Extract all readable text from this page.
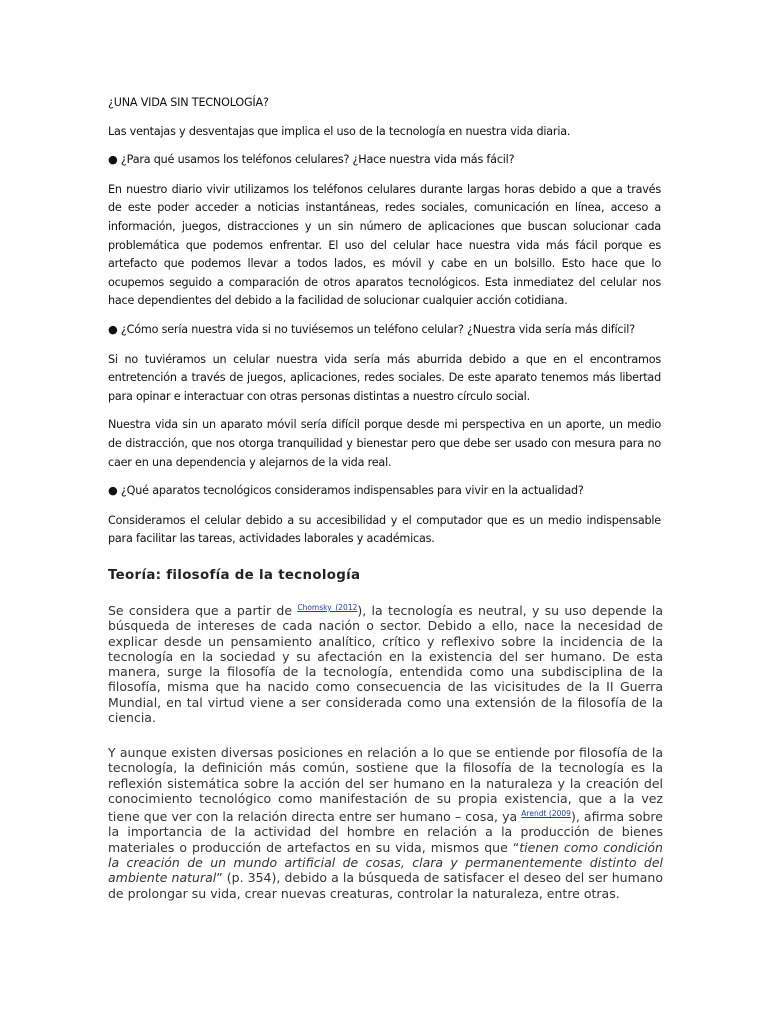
¿UNA VIDA SIN TECNOLOGÍA?

Las ventajas y desventajas que implica el uso de la tecnología en nuestra vida diaria.

● ¿Para qué usamos los teléfonos celulares? ¿Hace nuestra vida más fácil?

En nuestro diario vivir utilizamos los teléfonos celulares durante largas horas debido a que a través de este poder acceder a noticias instantáneas, redes sociales, comunicación en línea, acceso a información, juegos, distracciones y un sin número de aplicaciones que buscan solucionar cada problemática que podemos enfrentar. El uso del celular hace nuestra vida más fácil porque es artefacto que podemos llevar a todos lados, es móvil y cabe en un bolsillo. Esto hace que lo ocupemos seguido a comparación de otros aparatos tecnológicos. Esta inmediatez del celular nos hace dependientes del debido a la facilidad de solucionar cualquier acción cotidiana.

● ¿Cómo sería nuestra vida si no tuviésemos un teléfono celular? ¿Nuestra vida sería más difícil?

Si no tuviéramos un celular nuestra vida sería más aburrida debido a que en el encontramos entretención a través de juegos, aplicaciones, redes sociales. De este aparato tenemos más libertad para opinar e interactuar con otras personas distintas a nuestro círculo social.

Nuestra vida sin un aparato móvil sería difícil porque desde mi perspectiva en un aporte, un medio de distracción, que nos otorga tranquilidad y bienestar pero que debe ser usado con mesura para no caer en una dependencia y alejarnos de la vida real.

● ¿Qué aparatos tecnológicos consideramos indispensables para vivir en la actualidad?

Consideramos el celular debido a su accesibilidad y el computador que es un medio indispensable para facilitar las tareas, actividades laborales y académicas.

Teoría: filosofía de la tecnología

Se considera que a partir de $^{Chomsky (2012}$), la tecnología es neutral, y su uso depende la búsqueda de intereses de cada nación o sector. Debido a ello, nace la necesidad de explicar desde un pensamiento analítico, crítico y reflexivo sobre la incidencia de la tecnología en la sociedad y su afectación en la existencia del ser humano. De esta manera, surge la filosofía de la tecnología, entendida como una subdisciplina de la filosofía, misma que ha nacido como consecuencia de las vicisitudes de la II Guerra Mundial, en tal virtud viene a ser considerada como una extensión de la filosofía de la ciencia.

Y aunque existen diversas posiciones en relación a lo que se entiende por filosofía de la tecnología, la definición más común, sostiene que la filosofía de la tecnología es la reflexión sistemática sobre la acción del ser humano en la naturaleza y la creación del conocimiento tecnológico como manifestación de su propia existencia, que a la vez tiene que ver con la relación directa entre ser humano – cosa, ya $^{Arendt (2009}$), afirma sobre la importancia de la actividad del hombre en relación a la producción de bienes materiales o producción de artefactos en su vida, mismos que “tienen como condición la creación de un mundo artificial de cosas, clara y permanentemente distinto del ambiente natural” (p. 354), debido a la búsqueda de satisfacer el deseo del ser humano de prolongar su vida, crear nuevas creaturas, controlar la naturaleza, entre otras.
